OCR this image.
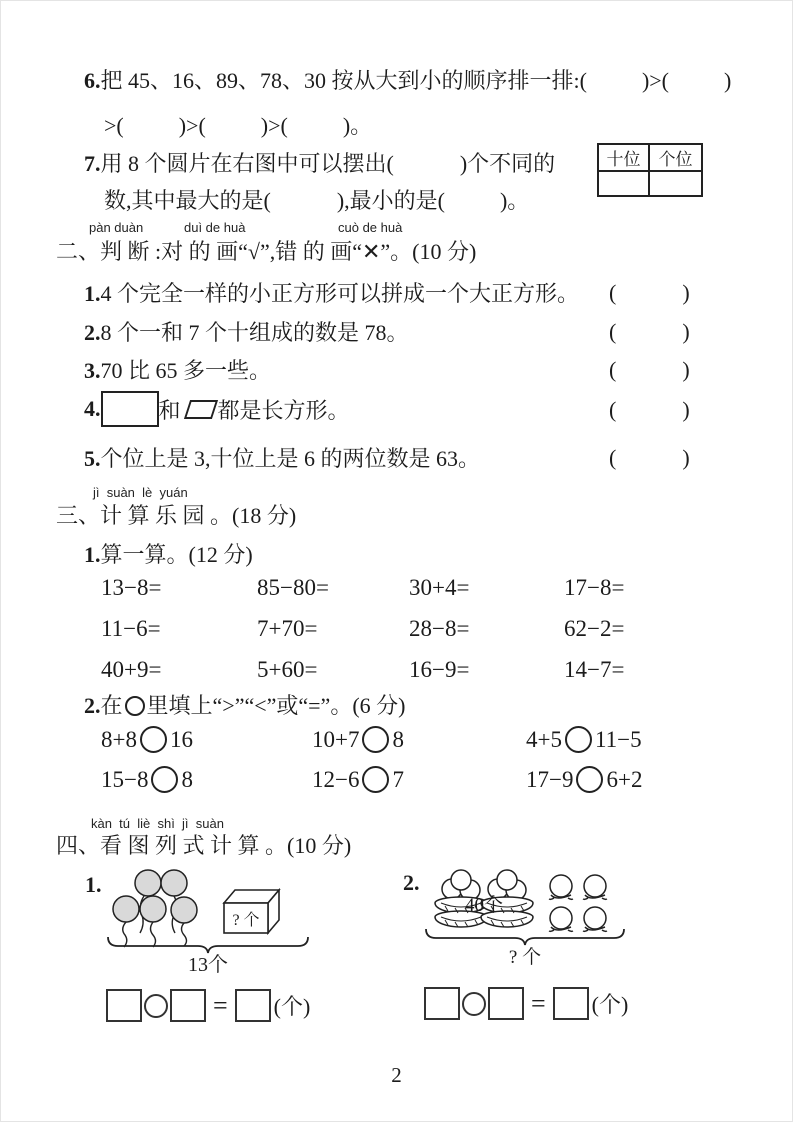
6.把 45、16、89、78、30 按从大到小的顺序排一排:(          )>(          )
>(          )>(          )>(          )。
7.用 8 个圆片在右图中可以摆出(            )个不同的
数,其中最大的是(            ),最小的是(          )。
十位	个位
pàn duàn	duì de huà	cuò de huà
二、判 断 :对 的 画“√”,错 的 画“✕”。(10 分)
1.4 个完全一样的小正方形可以拼成一个大正方形。 (            )
2.8 个一和 7 个十组成的数是 78。	(            )
3.70 比 65 多一些。	(            )
4.	和 都是长方形。	(            )
5.个位上是 3,十位上是 6 的两位数是 63。	(            )
jì  suàn  lè  yuán
三、计 算 乐 园 。(18 分)
1.算一算。(12 分)
13−8=	85−80=	30+4=	17−8=
11−6=	7+70=	28−8=	62−2=
40+9=	5+60=	16−9=	14−7=
2.在 里填上“>”“<”或“=”。(6 分)
8+8 16	10+7 8	4+5 11−5
15−8 8	12−6 7	17−9 6+2
kàn  tú  liè  shì  jì  suàn
四、看 图 列 式 计 算 。(10 分)
1.
? 个
13个
= (个)
2.
40个
? 个
= (个)
2
